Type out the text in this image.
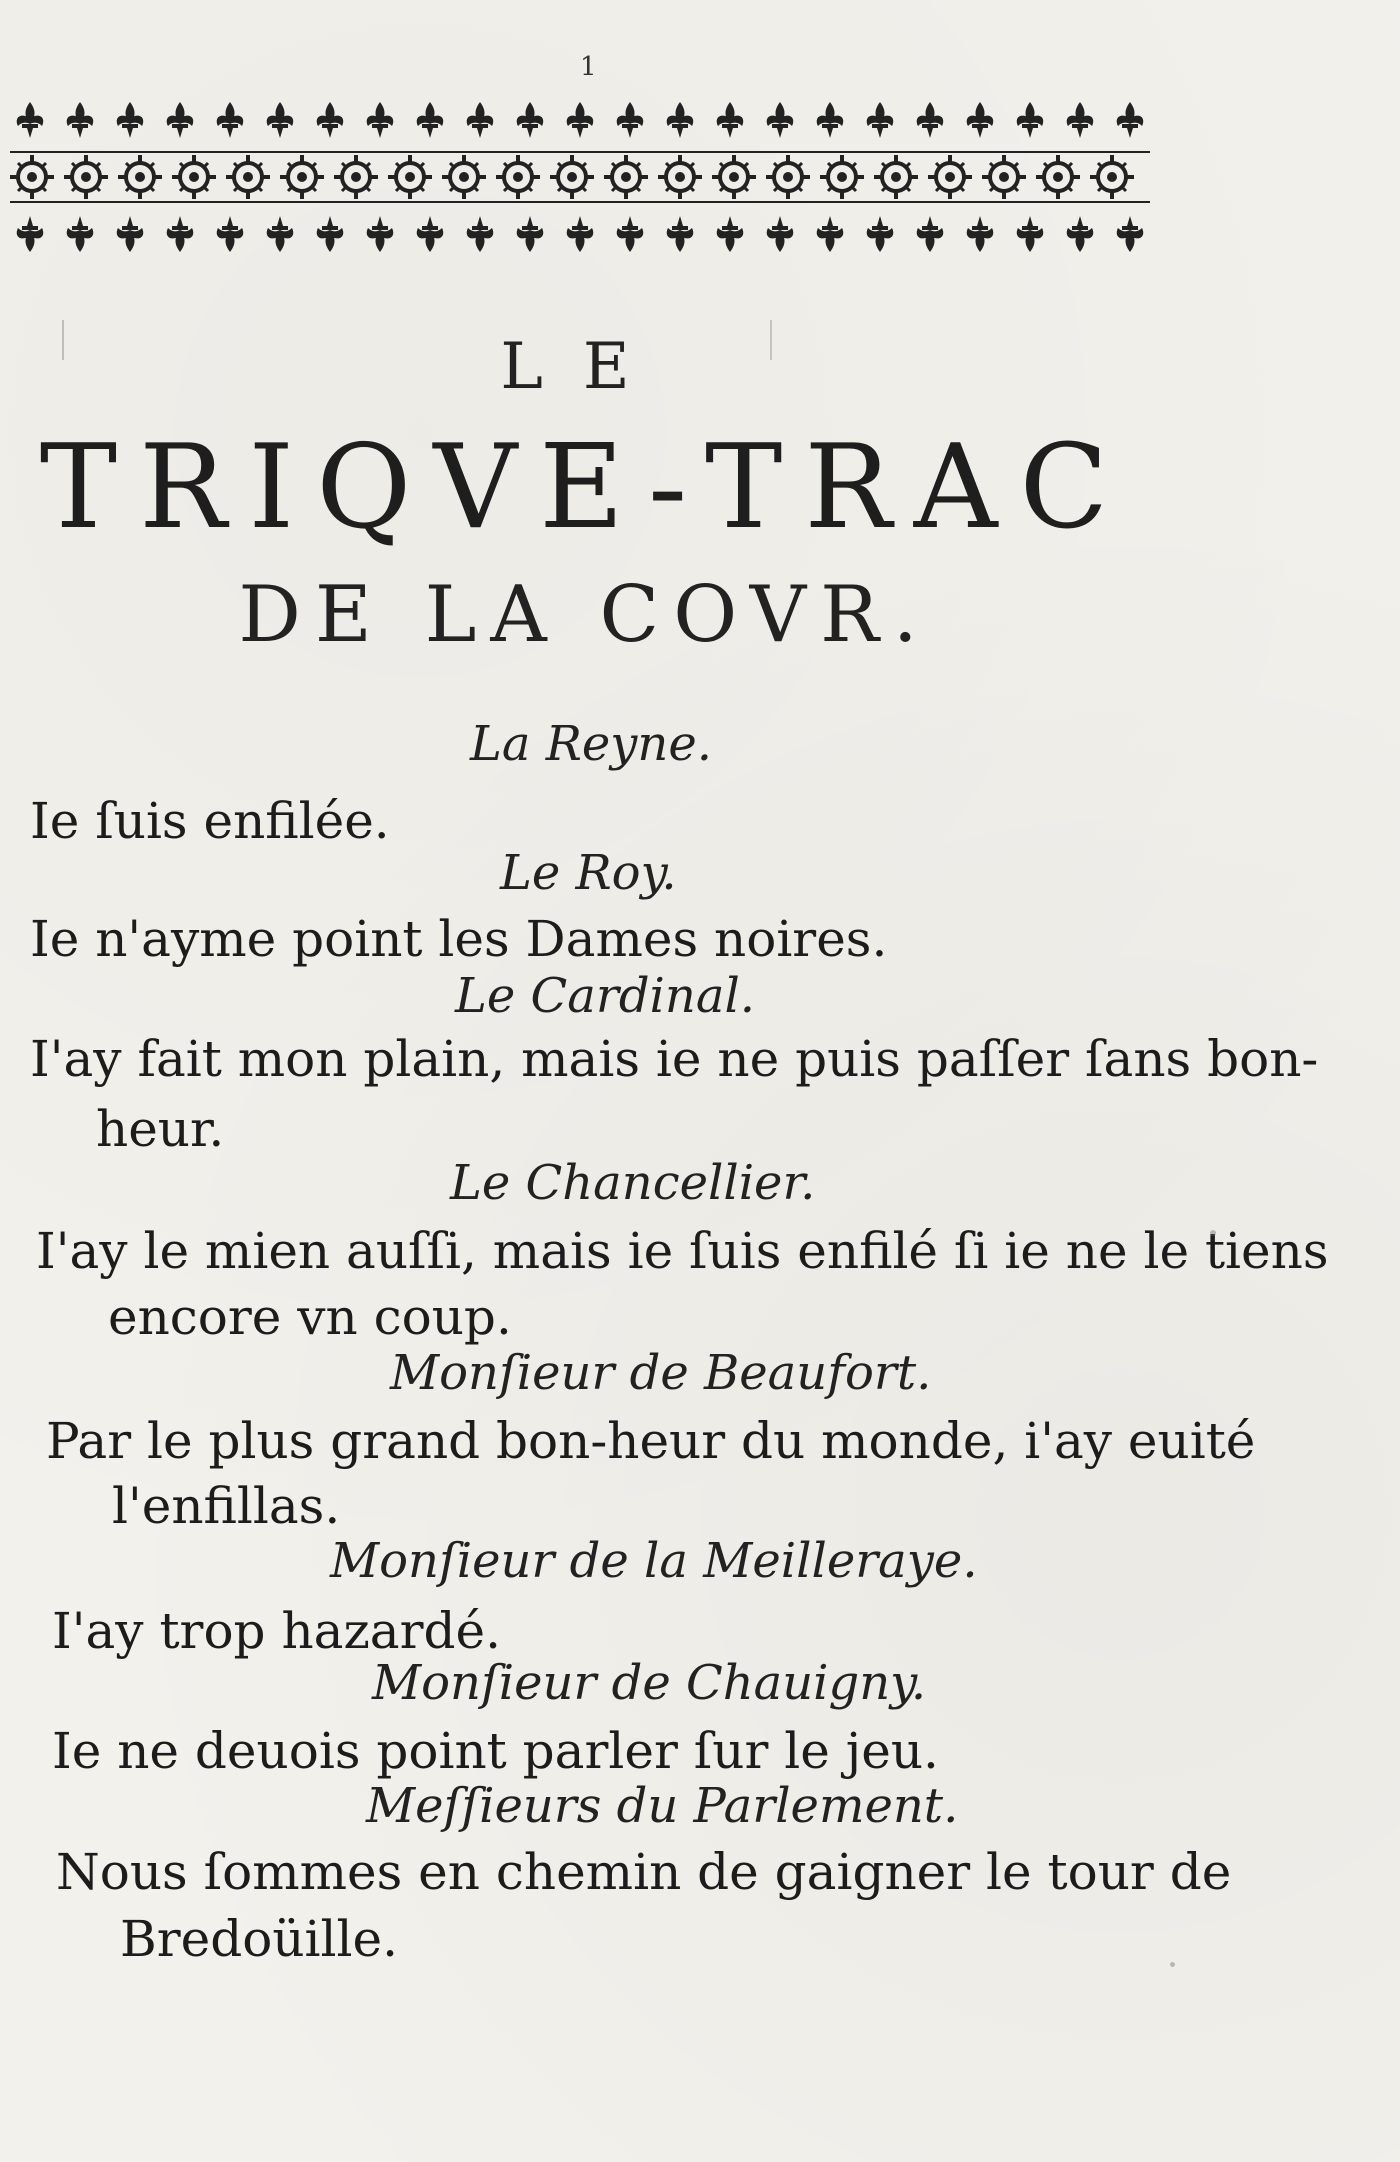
1
LE
TRIQVE-TRAC
DE LA COVR.
La Reyne.
Ie ſuis enfilée.
Le Roy.
Ie n'ayme point les Dames noires.
Le Cardinal.
I'ay fait mon plain, mais ie ne puis paſſer ſans bon-
heur.
Le Chancellier.
I'ay le mien auſſi, mais ie ſuis enfilé ſi ie ne le tiens
encore vn coup.
Monſieur de Beaufort.
Par le plus grand bon-heur du monde, i'ay euité
l'enfillas.
Monſieur de la Meilleraye.
I'ay trop hazardé.
Monſieur de Chauigny.
Ie ne deuois point parler ſur le jeu.
Meſſieurs du Parlement.
Nous ſommes en chemin de gaigner le tour de
Bredoüille.
